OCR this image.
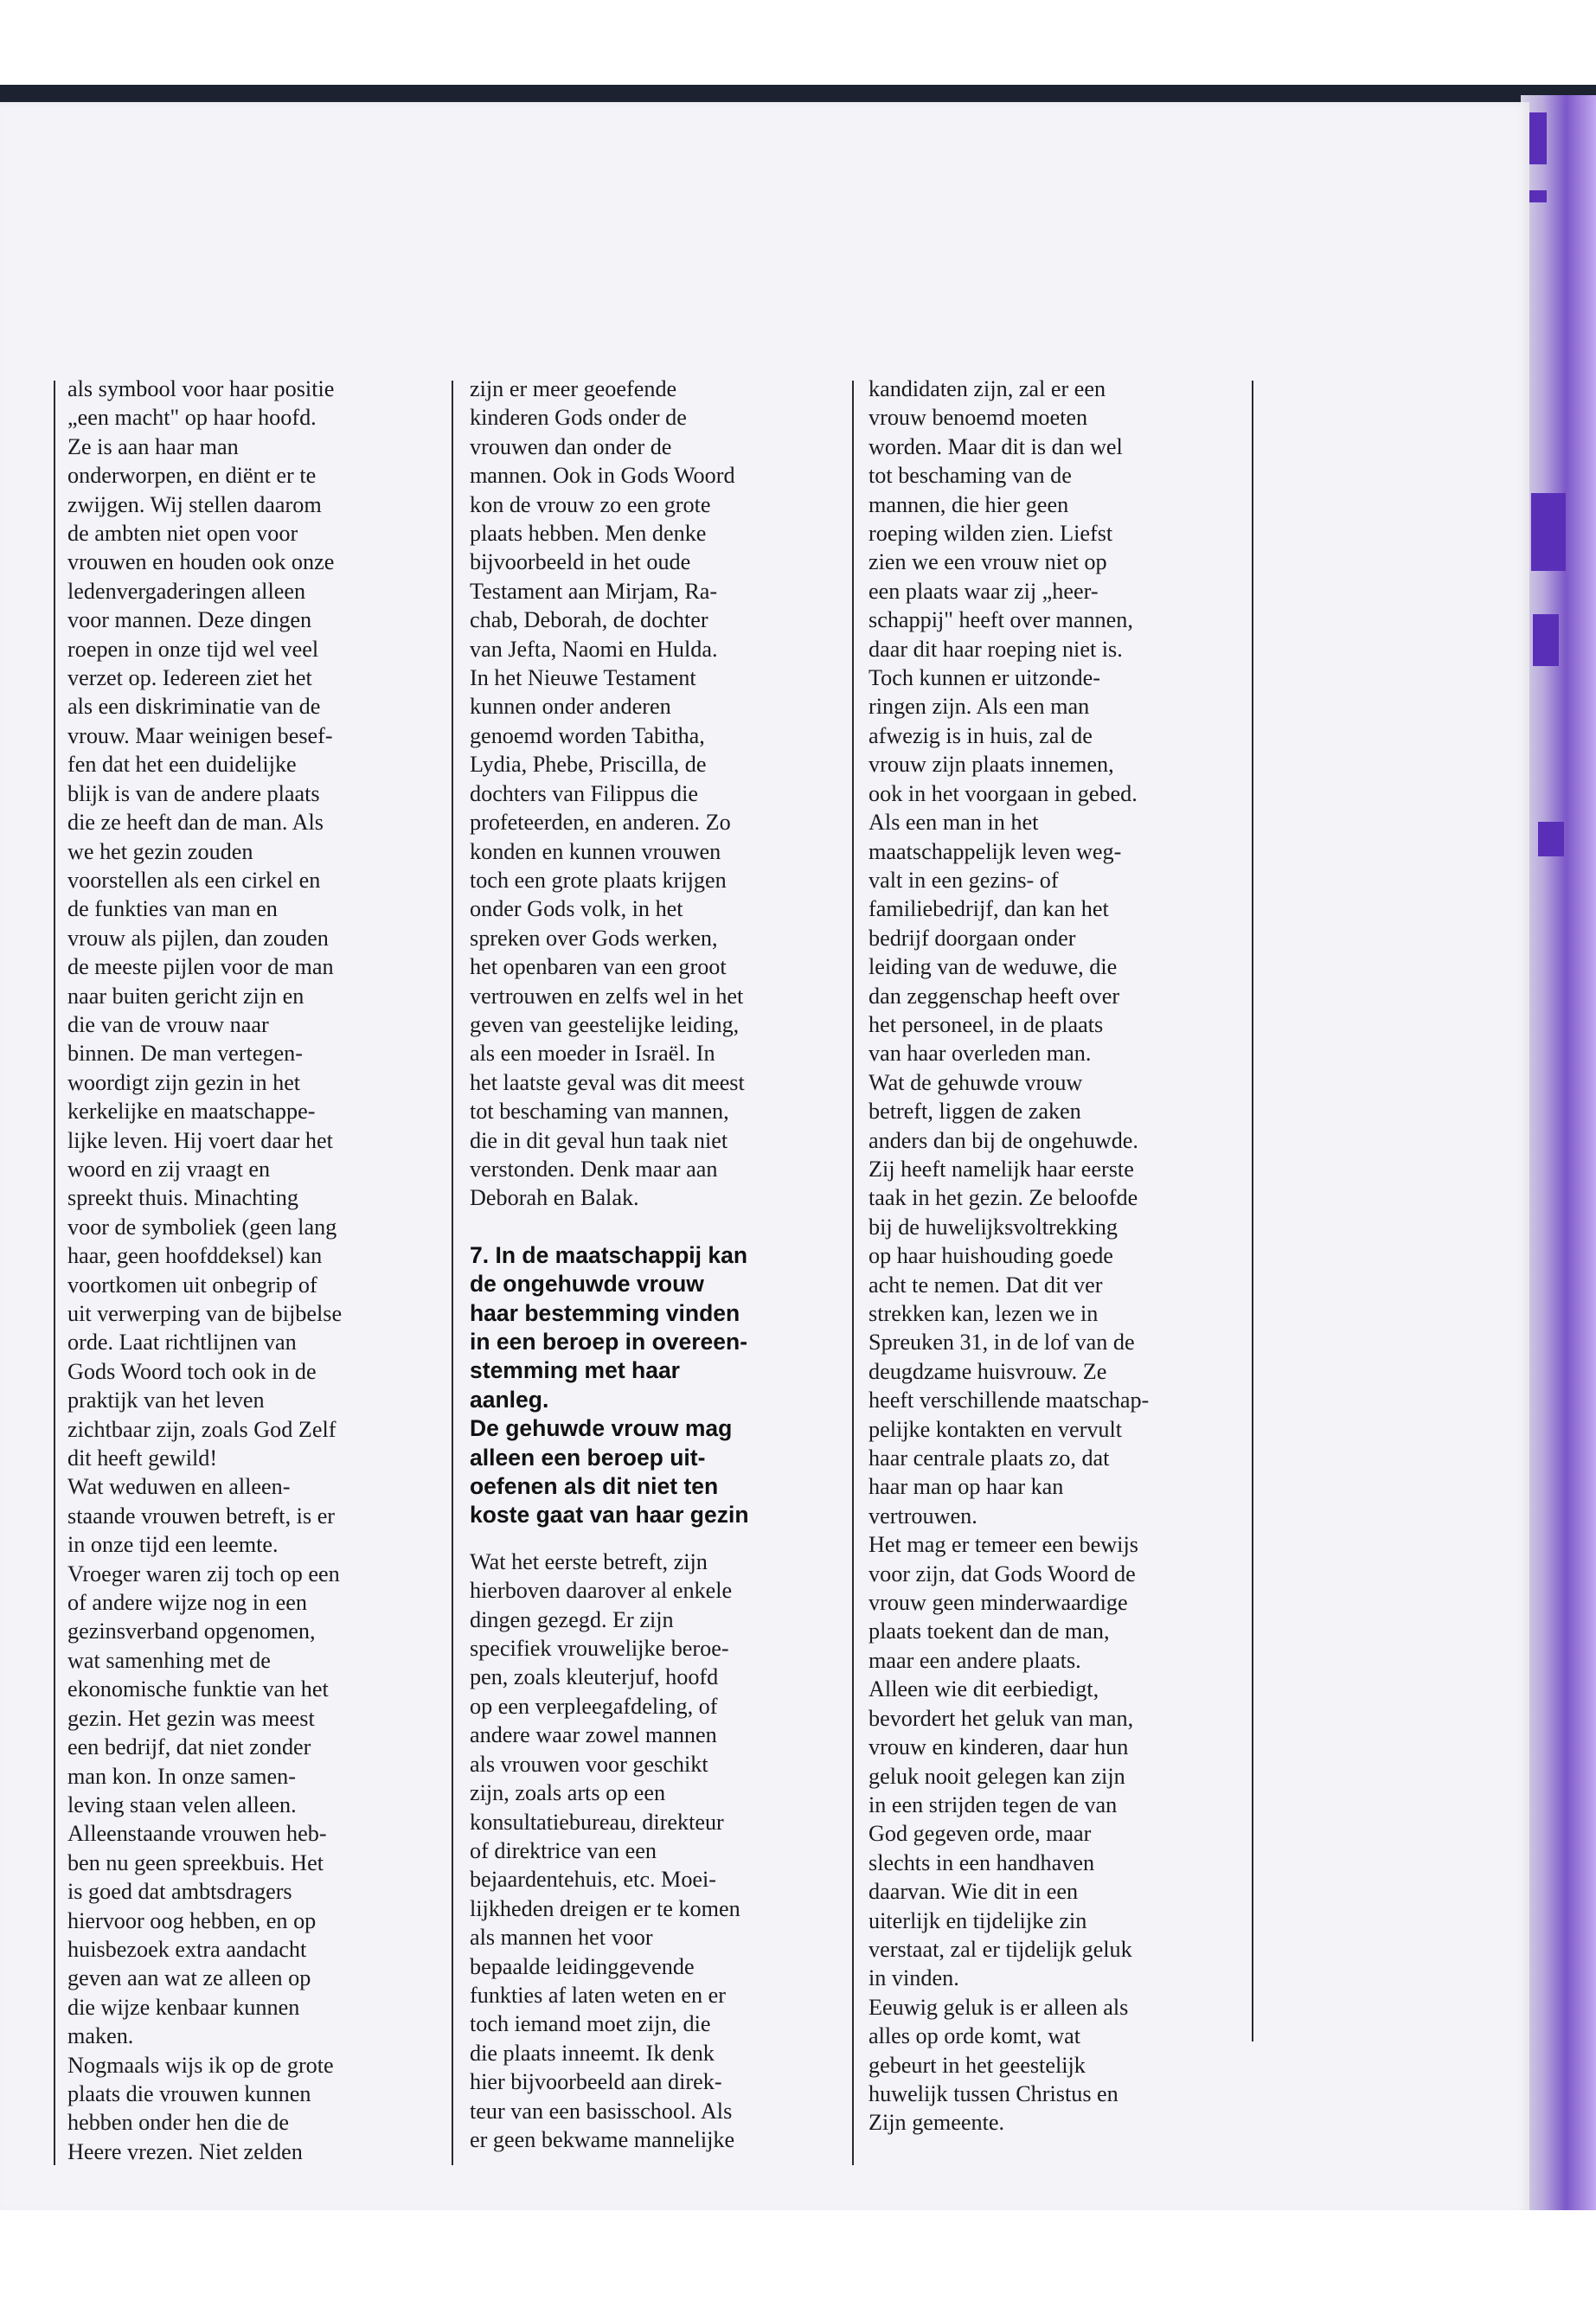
als symbool voor haar positie

„een macht" op haar hoofd.

Ze is aan haar man

onderworpen, en diënt er te

zwijgen. Wij stellen daarom

de ambten niet open voor

vrouwen en houden ook onze

ledenvergaderingen alleen

voor mannen. Deze dingen

roepen in onze tijd wel veel

verzet op. Iedereen ziet het

als een diskriminatie van de

vrouw. Maar weinigen besef-

fen dat het een duidelijke

blijk is van de andere plaats

die ze heeft dan de man. Als

we het gezin zouden

voorstellen als een cirkel en

de funkties van man en

vrouw als pijlen, dan zouden

de meeste pijlen voor de man

naar buiten gericht zijn en

die van de vrouw naar

binnen. De man vertegen-

woordigt zijn gezin in het

kerkelijke en maatschappe-

lijke leven. Hij voert daar het

woord en zij vraagt en

spreekt thuis. Minachting

voor de symboliek (geen lang

haar, geen hoofddeksel) kan

voortkomen uit onbegrip of

uit verwerping van de bijbelse

orde. Laat richtlijnen van

Gods Woord toch ook in de

praktijk van het leven

zichtbaar zijn, zoals God Zelf

dit heeft gewild!

Wat weduwen en alleen-

staande vrouwen betreft, is er

in onze tijd een leemte.

Vroeger waren zij toch op een

of andere wijze nog in een

gezinsverband opgenomen,

wat samenhing met de

ekonomische funktie van het

gezin. Het gezin was meest

een bedrijf, dat niet zonder

man kon. In onze samen-

leving staan velen alleen.

Alleenstaande vrouwen heb-

ben nu geen spreekbuis. Het

is goed dat ambtsdragers

hiervoor oog hebben, en op

huisbezoek extra aandacht

geven aan wat ze alleen op

die wijze kenbaar kunnen

maken.

Nogmaals wijs ik op de grote

plaats die vrouwen kunnen

hebben onder hen die de

Heere vrezen. Niet zelden

zijn er meer geoefende

kinderen Gods onder de

vrouwen dan onder de

mannen. Ook in Gods Woord

kon de vrouw zo een grote

plaats hebben. Men denke

bijvoorbeeld in het oude

Testament aan Mirjam, Ra-

chab, Deborah, de dochter

van Jefta, Naomi en Hulda.

In het Nieuwe Testament

kunnen onder anderen

genoemd worden Tabitha,

Lydia, Phebe, Priscilla, de

dochters van Filippus die

profeteerden, en anderen. Zo

konden en kunnen vrouwen

toch een grote plaats krijgen

onder Gods volk, in het

spreken over Gods werken,

het openbaren van een groot

vertrouwen en zelfs wel in het

geven van geestelijke leiding,

als een moeder in Israël. In

het laatste geval was dit meest

tot beschaming van mannen,

die in dit geval hun taak niet

verstonden. Denk maar aan

Deborah en Balak.

7. In de maatschappij kan

de ongehuwde vrouw

haar bestemming vinden

in een beroep in overeen-

stemming met haar

aanleg.

De gehuwde vrouw mag

alleen een beroep uit-

oefenen als dit niet ten

koste gaat van haar gezin

Wat het eerste betreft, zijn

hierboven daarover al enkele

dingen gezegd. Er zijn

specifiek vrouwelijke beroe-

pen, zoals kleuterjuf, hoofd

op een verpleegafdeling, of

andere waar zowel mannen

als vrouwen voor geschikt

zijn, zoals arts op een

konsultatiebureau, direkteur

of direktrice van een

bejaardentehuis, etc. Moei-

lijkheden dreigen er te komen

als mannen het voor

bepaalde leidinggevende

funkties af laten weten en er

toch iemand moet zijn, die

die plaats inneemt. Ik denk

hier bijvoorbeeld aan direk-

teur van een basisschool. Als

er geen bekwame mannelijke

kandidaten zijn, zal er een

vrouw benoemd moeten

worden. Maar dit is dan wel

tot beschaming van de

mannen, die hier geen

roeping wilden zien. Liefst

zien we een vrouw niet op

een plaats waar zij „heer-

schappij" heeft over mannen,

daar dit haar roeping niet is.

Toch kunnen er uitzonde-

ringen zijn. Als een man

afwezig is in huis, zal de

vrouw zijn plaats innemen,

ook in het voorgaan in gebed.

Als een man in het

maatschappelijk leven weg-

valt in een gezins- of

familiebedrijf, dan kan het

bedrijf doorgaan onder

leiding van de weduwe, die

dan zeggenschap heeft over

het personeel, in de plaats

van haar overleden man.

Wat de gehuwde vrouw

betreft, liggen de zaken

anders dan bij de ongehuwde.

Zij heeft namelijk haar eerste

taak in het gezin. Ze beloofde

bij de huwelijksvoltrekking

op haar huishouding goede

acht te nemen. Dat dit ver

strekken kan, lezen we in

Spreuken 31, in de lof van de

deugdzame huisvrouw. Ze

heeft verschillende maatschap-

pelijke kontakten en vervult

haar centrale plaats zo, dat

haar man op haar kan

vertrouwen.

Het mag er temeer een bewijs

voor zijn, dat Gods Woord de

vrouw geen minderwaardige

plaats toekent dan de man,

maar een andere plaats.

Alleen wie dit eerbiedigt,

bevordert het geluk van man,

vrouw en kinderen, daar hun

geluk nooit gelegen kan zijn

in een strijden tegen de van

God gegeven orde, maar

slechts in een handhaven

daarvan. Wie dit in een

uiterlijk en tijdelijke zin

verstaat, zal er tijdelijk geluk

in vinden.

Eeuwig geluk is er alleen als

alles op orde komt, wat

gebeurt in het geestelijk

huwelijk tussen Christus en

Zijn gemeente.
